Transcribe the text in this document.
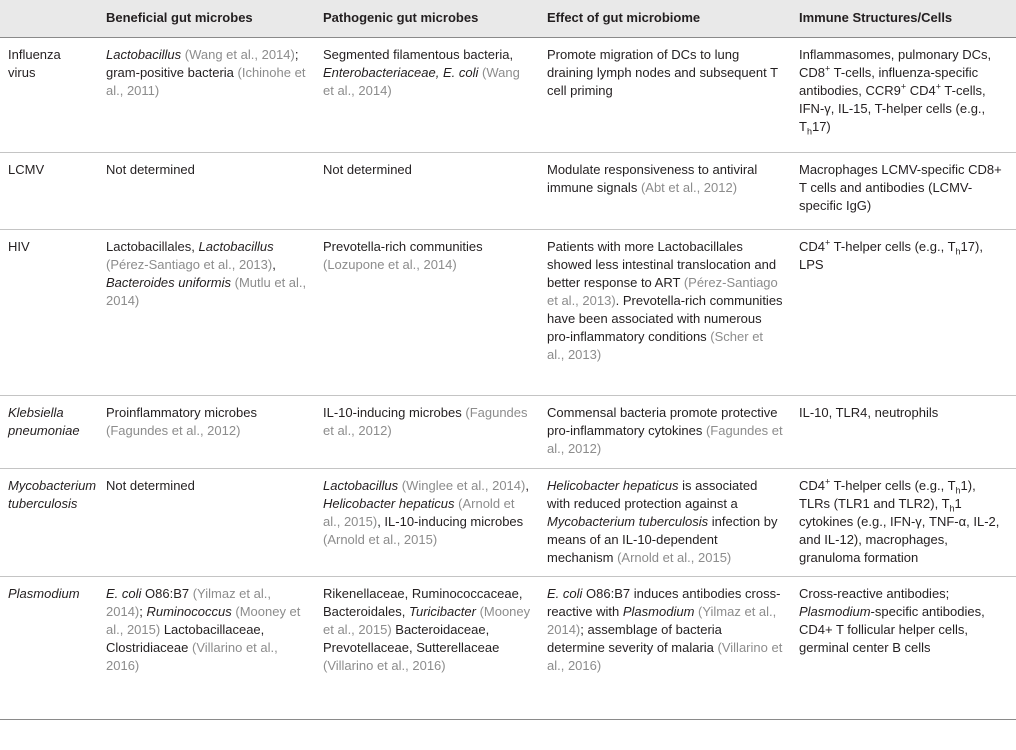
	Beneficial gut microbes	Pathogenic gut microbes	Effect of gut microbiome	Immune Structures/Cells
Influenza virus	Lactobacillus (Wang et al., 2014); gram-positive bacteria (Ichinohe et al., 2011)	Segmented filamentous bacteria, Enterobacteriaceae, E. coli (Wang et al., 2014)	Promote migration of DCs to lung draining lymph nodes and subsequent T cell priming	Inflammasomes, pulmonary DCs, CD8+ T-cells, influenza-specific antibodies, CCR9+ CD4+ T-cells, IFN-γ, IL-15, T-helper cells (e.g., $T_h17$)
LCMV	Not determined	Not determined	Modulate responsiveness to antiviral immune signals (Abt et al., 2012)	Macrophages LCMV-specific CD8+ T cells and antibodies (LCMV-specific IgG)
HIV	Lactobacillales, Lactobacillus (Pérez-Santiago et al., 2013), Bacteroides uniformis (Mutlu et al., 2014)	Prevotella-rich communities (Lozupone et al., 2014)	Patients with more Lactobacillales showed less intestinal translocation and better response to ART (Pérez-Santiago et al., 2013). Prevotella-rich communities have been associated with numerous pro-inflammatory conditions (Scher et al., 2013)	CD4+ T-helper cells (e.g., $T_h17$), LPS
Klebsiella pneumoniae	Proinflammatory microbes (Fagundes et al., 2012)	IL-10-inducing microbes (Fagundes et al., 2012)	Commensal bacteria promote protective pro-inflammatory cytokines (Fagundes et al., 2012)	IL-10, TLR4, neutrophils
Mycobacterium tuberculosis	Not determined	Lactobacillus (Winglee et al., 2014), Helicobacter hepaticus (Arnold et al., 2015), IL-10-inducing microbes (Arnold et al., 2015)	Helicobacter hepaticus is associated with reduced protection against a Mycobacterium tuberculosis infection by means of an IL-10-dependent mechanism (Arnold et al., 2015)	CD4+ T-helper cells (e.g., $T_h1$), TLRs (TLR1 and TLR2), $T_h1$ cytokines (e.g., IFN-γ, TNF-α, IL-2, and IL-12), macrophages, granuloma formation
Plasmodium	E. coli O86:B7 (Yilmaz et al., 2014); Ruminococcus (Mooney et al., 2015) Lactobacillaceae, Clostridiaceae (Villarino et al., 2016)	Rikenellaceae, Ruminococcaceae, Bacteroidales, Turicibacter (Mooney et al., 2015) Bacteroidaceae, Prevotellaceae, Sutterellaceae (Villarino et al., 2016)	E. coli O86:B7 induces antibodies cross-reactive with Plasmodium (Yilmaz et al., 2014); assemblage of bacteria determine severity of malaria (Villarino et al., 2016)	Cross-reactive antibodies; Plasmodium-specific antibodies, CD4+ T follicular helper cells, germinal center B cells
